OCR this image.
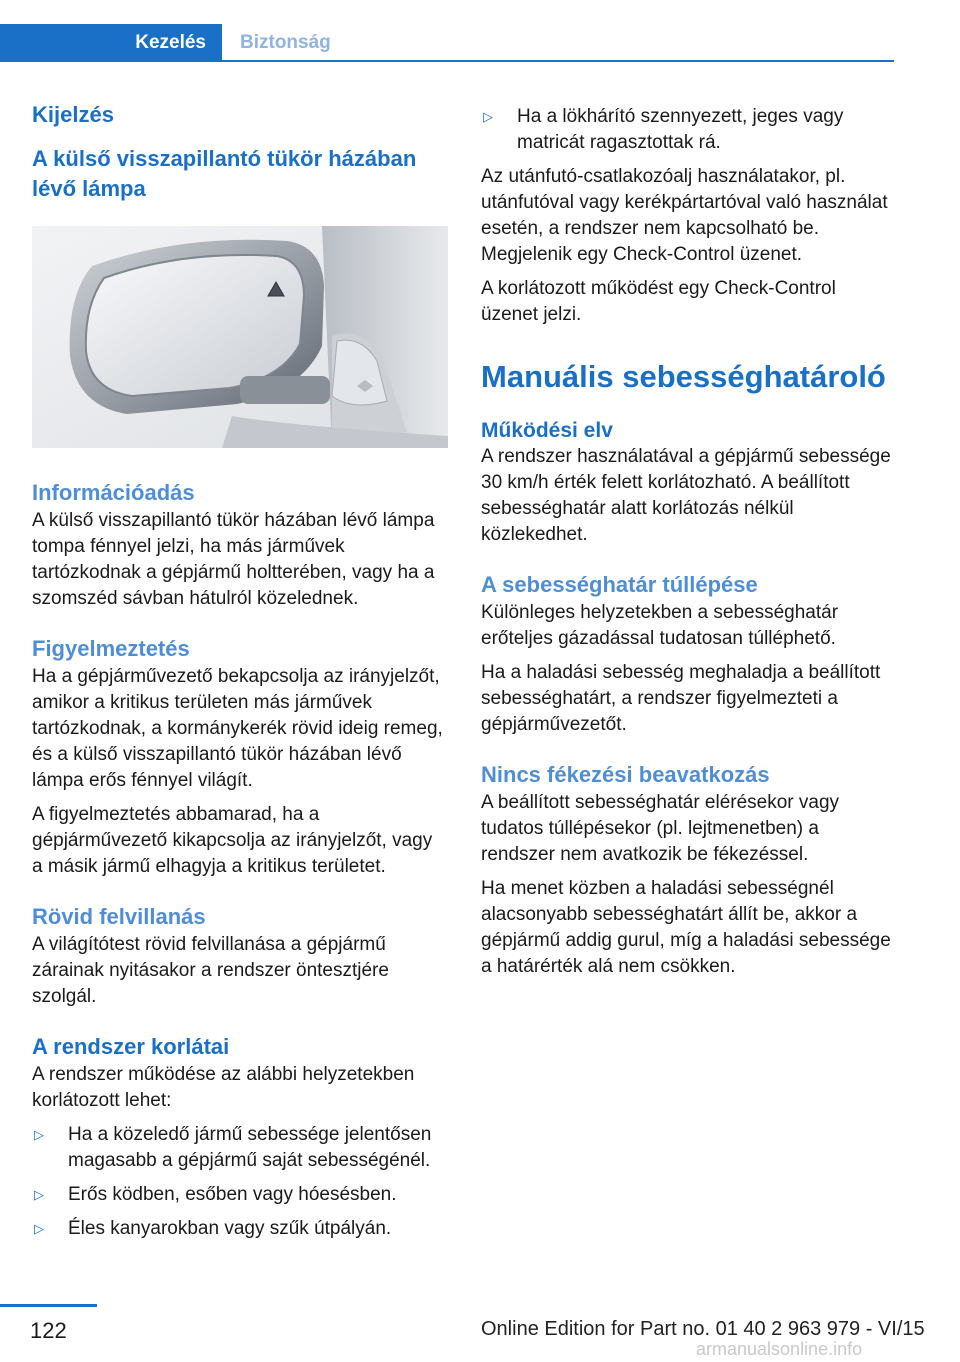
Kezelés	Biztonság
Kijelzés
A külső visszapillantó tükör házában lévő lámpa
Információadás

A külső visszapillantó tükör házában lévő lámpa tompa fénnyel jelzi, ha más járművek tartózkodnak a gépjármű holtterében, vagy ha a szomszéd sávban hátulról közelednek.

Figyelmeztetés

Ha a gépjárművezető bekapcsolja az irányjelzőt, amikor a kritikus területen más járművek tartózkodnak, a kormánykerék rövid ideig remeg, és a külső visszapillantó tükör házában lévő lámpa erős fénnyel világít.

A figyelmeztetés abbamarad, ha a gépjárművezető kikapcsolja az irányjelzőt, vagy a másik jármű elhagyja a kritikus területet.

Rövid felvillanás

A világítótest rövid felvillanása a gépjármű zárainak nyitásakor a rendszer öntesztjére szolgál.

A rendszer korlátai

A rendszer működése az alábbi helyzetekben korlátozott lehet:

▷	Ha a közeledő jármű sebessége jelentősen magasabb a gépjármű saját sebességénél.
▷	Erős ködben, esőben vagy hóesésben.
▷	Éles kanyarokban vagy szűk útpályán.
▷	Ha a lökhárító szennyezett, jeges vagy matricát ragasztottak rá.

Az utánfutó-csatlakozóalj használatakor, pl. utánfutóval vagy kerékpártartóval való használat esetén, a rendszer nem kapcsolható be. Megjelenik egy Check-Control üzenet.

A korlátozott működést egy Check-Control üzenet jelzi.

Manuális sebességhatároló
Működési elv

A rendszer használatával a gépjármű sebessége 30 km/h érték felett korlátozható. A beállított sebességhatár alatt korlátozás nélkül közlekedhet.

A sebességhatár túllépése

Különleges helyzetekben a sebességhatár erőteljes gázadással tudatosan túlléphető.

Ha a haladási sebesség meghaladja a beállított sebességhatárt, a rendszer figyelmezteti a gépjárművezetőt.

Nincs fékezési beavatkozás

A beállított sebességhatár elérésekor vagy tudatos túllépésekor (pl. lejtmenetben) a rendszer nem avatkozik be fékezéssel.

Ha menet közben a haladási sebességnél alacsonyabb sebességhatárt állít be, akkor a gépjármű addig gurul, míg a haladási sebessége a határérték alá nem csökken.

122	Online Edition for Part no. 01 40 2 963 979 - VI/15
armanualsonline.info
